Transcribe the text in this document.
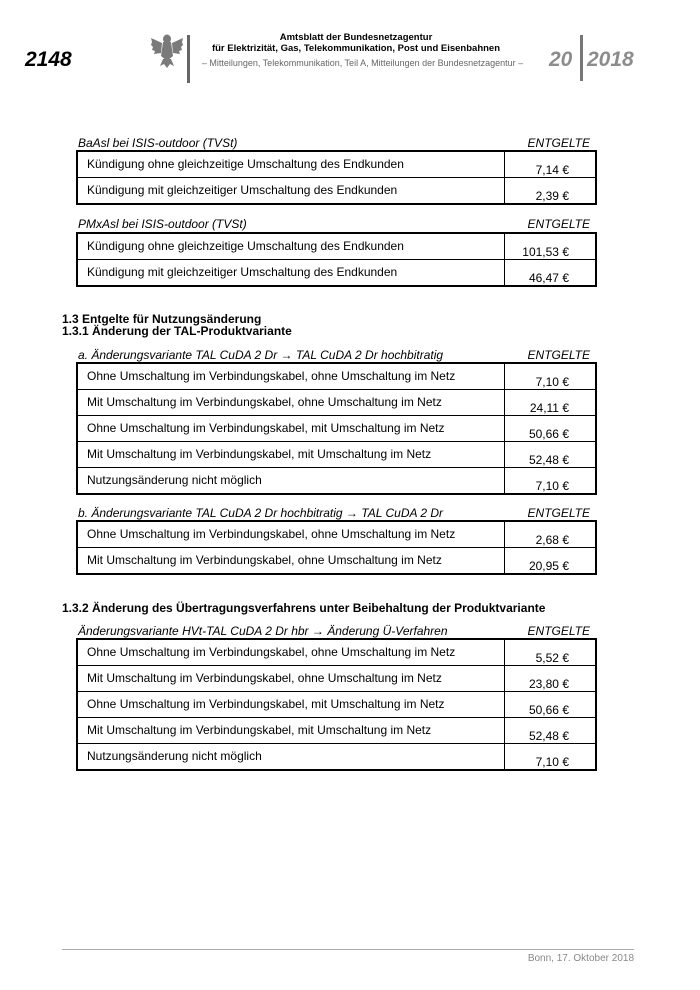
2148
Amtsblatt der Bundesnetzagentur
für Elektrizität, Gas, Telekommunikation, Post und Eisenbahnen
– Mitteilungen, Telekommunikation, Teil A, Mitteilungen der Bundesnetzagentur –	20 2018
BaAsl bei ISIS-outdoor (TVSt)	ENTGELTE
Kündigung ohne gleichzeitige Umschaltung des Endkunden	7,14 €
Kündigung mit gleichzeitiger Umschaltung des Endkunden	2,39 €
PMxAsl bei ISIS-outdoor (TVSt)	ENTGELTE
Kündigung ohne gleichzeitige Umschaltung des Endkunden	101,53 €
Kündigung mit gleichzeitiger Umschaltung des Endkunden	46,47 €
1.3 Entgelte für Nutzungsänderung
1.3.1 Änderung der TAL-Produktvariante
a. Änderungsvariante TAL CuDA 2 Dr → TAL CuDA 2 Dr hochbitratig	ENTGELTE
Ohne Umschaltung im Verbindungskabel, ohne Umschaltung im Netz	7,10 €
Mit Umschaltung im Verbindungskabel, ohne Umschaltung im Netz	24,11 €
Ohne Umschaltung im Verbindungskabel, mit Umschaltung im Netz	50,66 €
Mit Umschaltung im Verbindungskabel, mit Umschaltung im Netz	52,48 €
Nutzungsänderung nicht möglich	7,10 €
b. Änderungsvariante TAL CuDA 2 Dr hochbitratig → TAL CuDA 2 Dr	ENTGELTE
Ohne Umschaltung im Verbindungskabel, ohne Umschaltung im Netz	2,68 €
Mit Umschaltung im Verbindungskabel, ohne Umschaltung im Netz	20,95 €
1.3.2 Änderung des Übertragungsverfahrens unter Beibehaltung der Produktvariante
Änderungsvariante HVt-TAL CuDA 2 Dr hbr → Änderung Ü-Verfahren	ENTGELTE
Ohne Umschaltung im Verbindungskabel, ohne Umschaltung im Netz	5,52 €
Mit Umschaltung im Verbindungskabel, ohne Umschaltung im Netz	23,80 €
Ohne Umschaltung im Verbindungskabel, mit Umschaltung im Netz	50,66 €
Mit Umschaltung im Verbindungskabel, mit Umschaltung im Netz	52,48 €
Nutzungsänderung nicht möglich	7,10 €
Bonn, 17. Oktober 2018
